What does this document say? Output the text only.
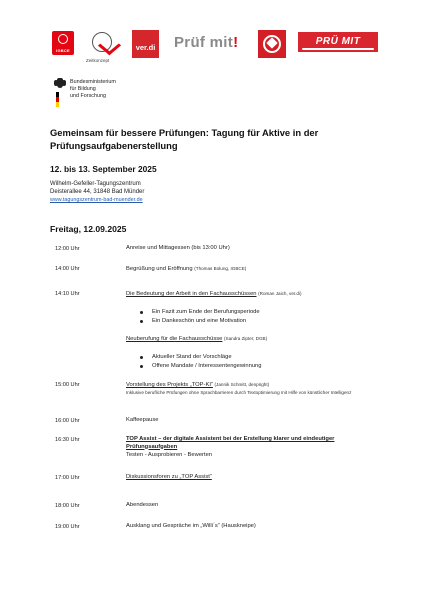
IGBCE
Zeitkonzept
ver.di Prüf mit!	PRÜ MIT
Bundesministerium
für Bildung
und Forschung
Gemeinsam für bessere Prüfungen: Tagung für Aktive in der Prüfungsaufgabenerstellung
12. bis 13. September 2025
Wilhelm-Gefeller-Tagungszentrum
Deisterallee 44, 31848 Bad Münder
www.tagungszentrum-bad-muender.de
Freitag, 12.09.2025
12:00 Uhr	Anreise und Mittagessen (bis 13:00 Uhr)
14:00 Uhr	Begrüßung und Eröffnung (Thomas Bolung, IGBCE)
14:10 Uhr	Die Bedeutung der Arbeit in den Fachausschüssen (Roman Jaich, ver.di)
Ein Fazit zum Ende der Berufungsperiode
Ein Dankeschön und eine Motivation
Neuberufung für die Fachausschüsse (Sandra Zipter, DGB)
Aktueller Stand der Vorschläge
Offene Mandate / Interessentengewinnung
15:00 Uhr	Vorstellung des Projekts „TOP-KI“ (Jannik Schmitt, denpright)
Inklusive berufliche Prüfungen ohne Sprachbarrieren durch Textoptimierung mit Hilfe von künstlicher Intelligenz
16:00 Uhr	Kaffeepause
16:30 Uhr	TOP Assist – der digitale Assistent bei der Erstellung klarer und eindeutiger Prüfungsaufgaben
Testen - Ausprobieren - Bewerten
17:00 Uhr	Diskussionsforen zu „TOP Assist“
18:00 Uhr	Abendessen
19:00 Uhr	Ausklang und Gespräche im „Willi´s“ (Hauskneipe)
